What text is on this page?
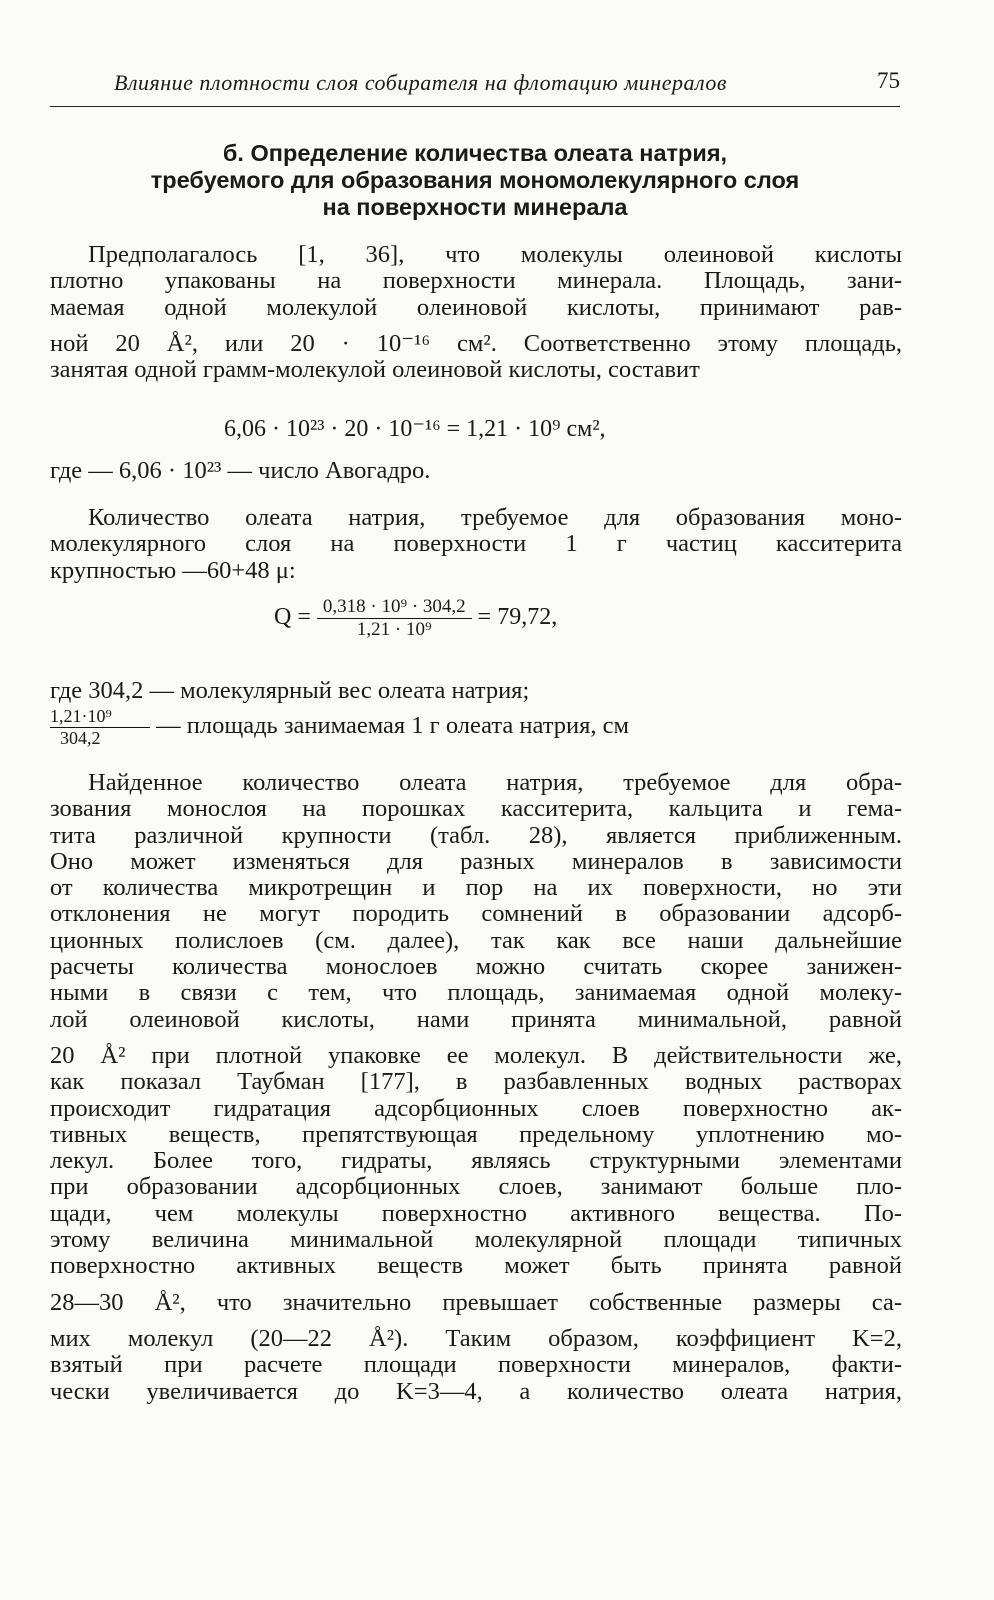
Влияние плотности слоя собирателя на флотацию минералов	75
б. Определение количества олеата натрия,
требуемого для образования мономолекулярного слоя
на поверхности минерала
Предполагалось [1, 36], что молекулы олеиновой кислоты
плотно упакованы на поверхности минерала. Площадь, зани-
маемая одной молекулой олеиновой кислоты, принимают рав-
ной 20 Å², или 20 · 10⁻¹⁶ см². Соответственно этому площадь,
занятая одной грамм-молекулой олеиновой кислоты, составит
6,06 · 10²³ · 20 · 10⁻¹⁶ = 1,21 · 10⁹ см²,
где — 6,06 · 10²³ — число Авогадро.
Количество олеата натрия, требуемое для образования моно-
молекулярного слоя на поверхности 1 г частиц касситерита
крупностью —60+48 μ:
$Q = \frac{\text{0,318 · 10⁹ · 304,2}}{\text{1,21 · 10⁹}} = 79,72$,
где 304,2 — молекулярный вес олеата натрия;
$\frac{\text{1,21·10⁹}}{304,2}$ — площадь занимаемая 1 г олеата натрия, см
Найденное количество олеата натрия, требуемое для обра-
зования монослоя на порошках касситерита, кальцита и гема-
тита различной крупности (табл. 28), является приближенным.
Оно может изменяться для разных минералов в зависимости
от количества микротрещин и пор на их поверхности, но эти
отклонения не могут породить сомнений в образовании адсорб-
ционных полислоев (см. далее), так как все наши дальнейшие
расчеты количества монослоев можно считать скорее занижен-
ными в связи с тем, что площадь, занимаемая одной молеку-
лой олеиновой кислоты, нами принята минимальной, равной
20 Å² при плотной упаковке ее молекул. В действительности же,
как показал Таубман [177], в разбавленных водных растворах
происходит гидратация адсорбционных слоев поверхностно ак-
тивных веществ, препятствующая предельному уплотнению мо-
лекул. Более того, гидраты, являясь структурными элементами
при образовании адсорбционных слоев, занимают больше пло-
щади, чем молекулы поверхностно активного вещества. По-
этому величина минимальной молекулярной площади типичных
поверхностно активных веществ может быть принята равной
28—30 Å², что значительно превышает собственные размеры са-
мих молекул (20—22 Å²). Таким образом, коэффициент K=2,
взятый при расчете площади поверхности минералов, факти-
чески увеличивается до K=3—4, а количество олеата натрия,
